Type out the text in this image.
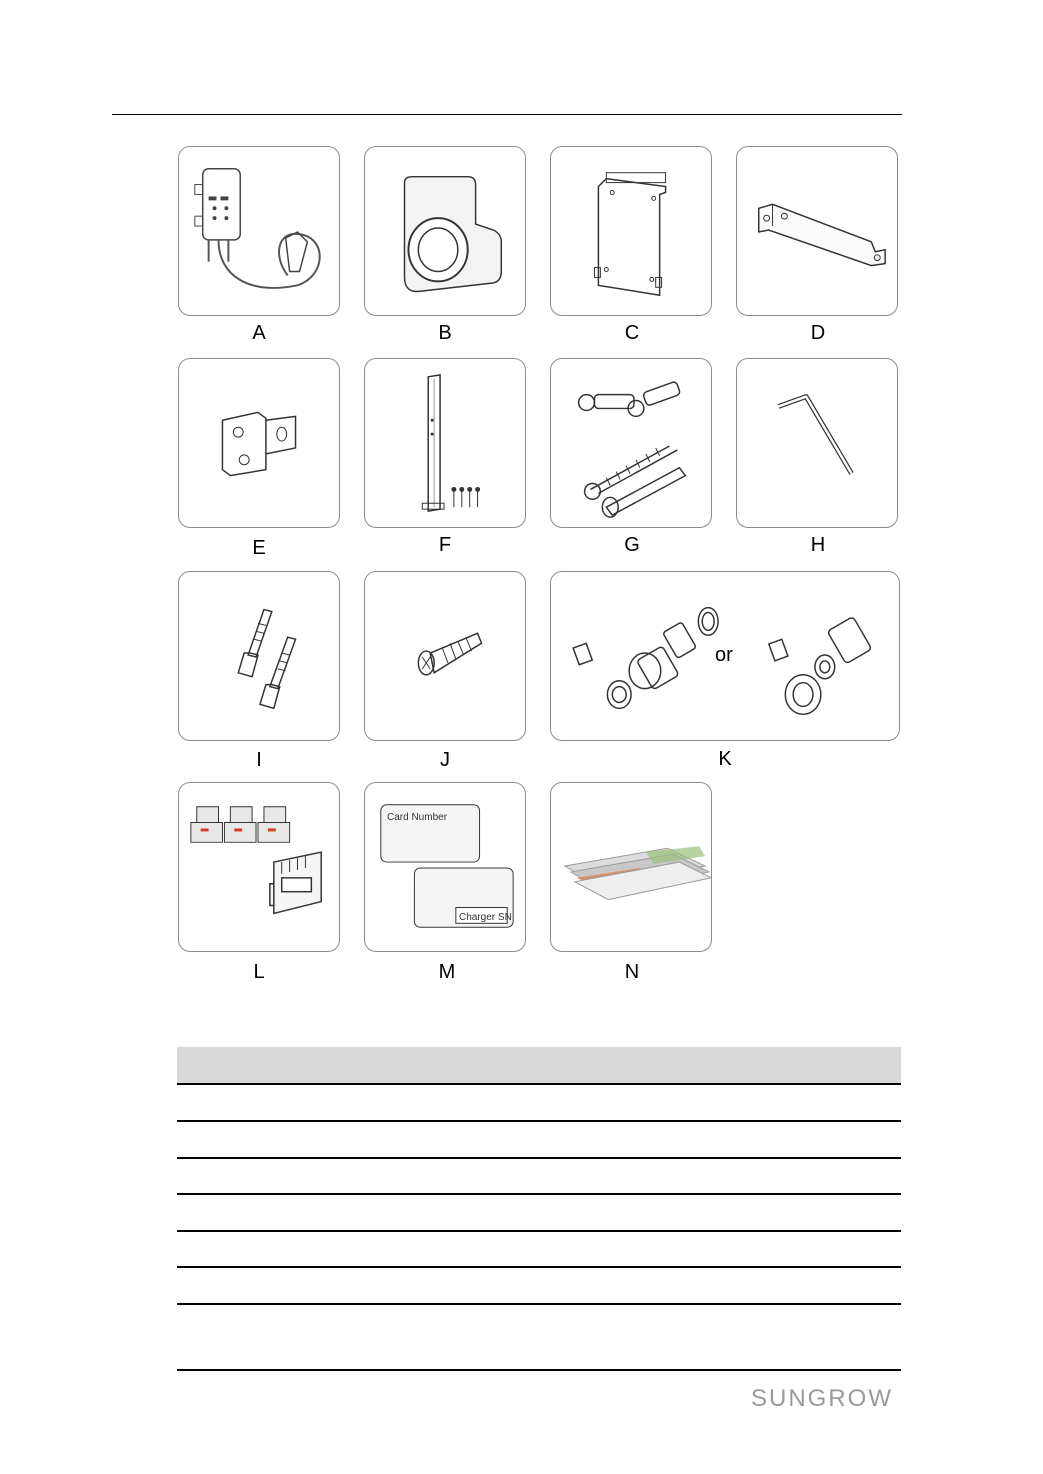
A	B	C	D
E	F	G	H
I	J
or
K
L
Card Number
Charger SN
M	N
SUNGROW
